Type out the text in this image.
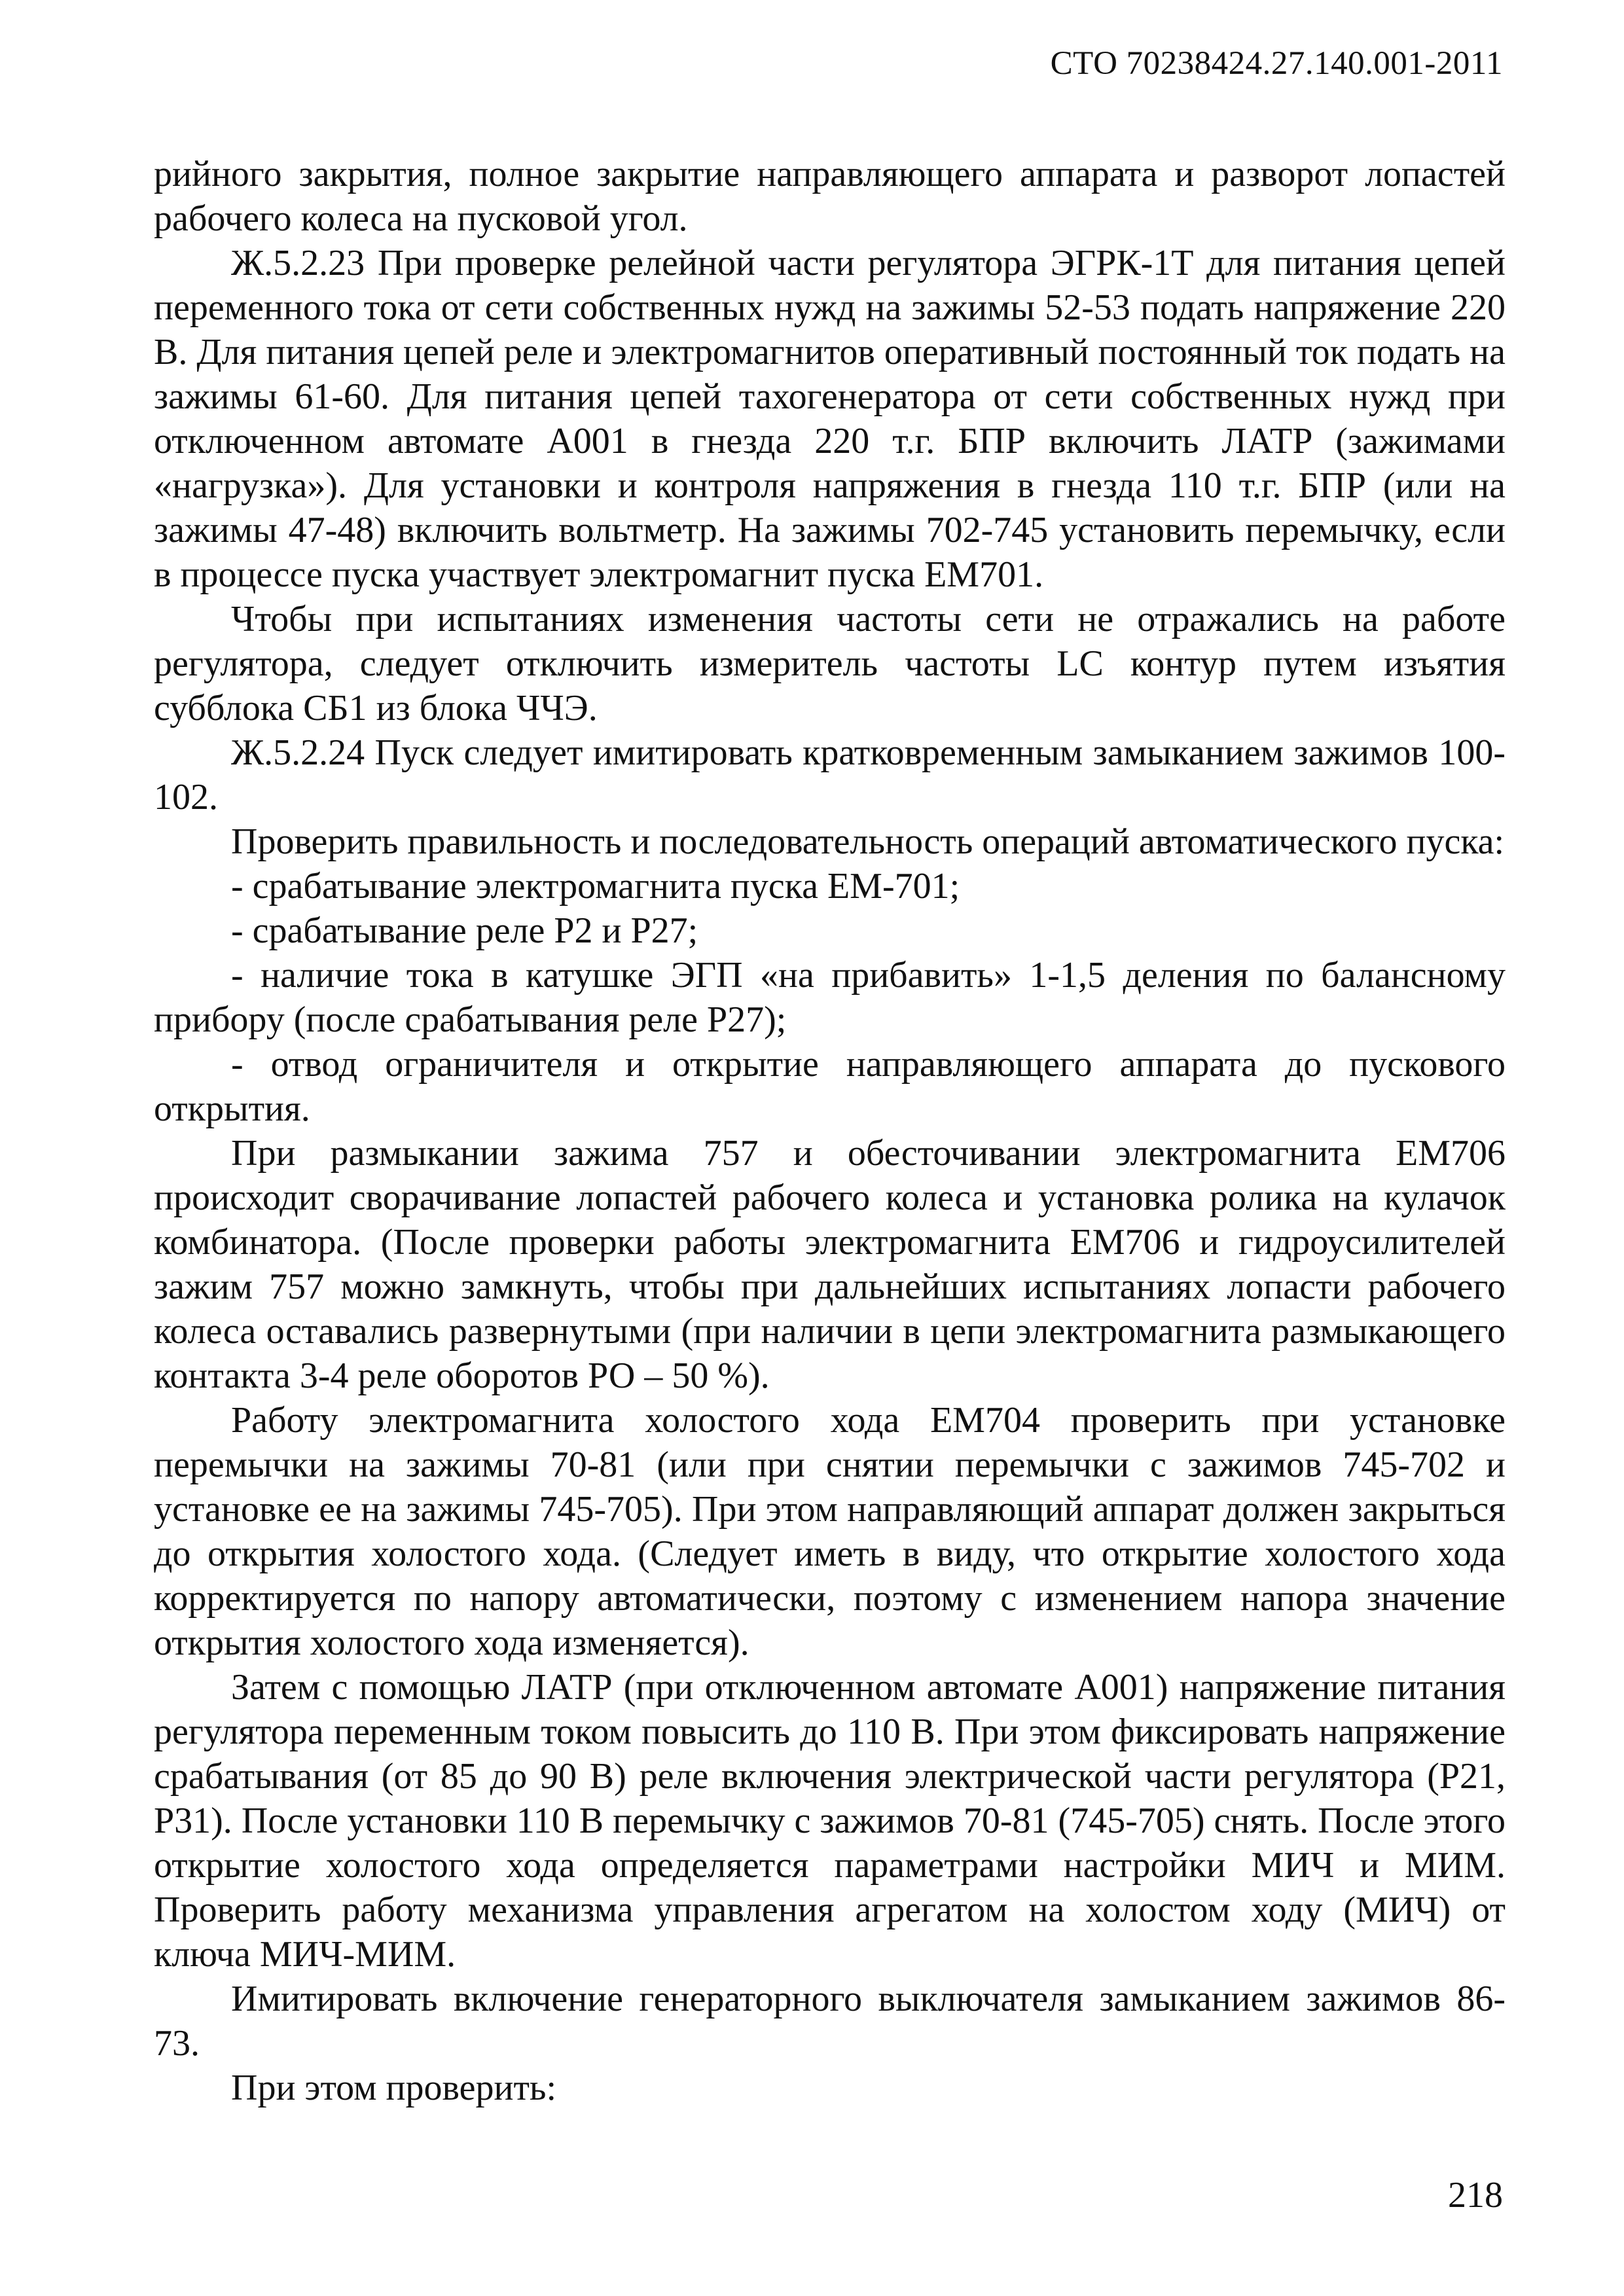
СТО 70238424.27.140.001-2011

рийного закрытия, полное закрытие направляющего аппарата и разворот лопастей рабочего колеса на пусковой угол.

Ж.5.2.23 При проверке релейной части регулятора ЭГРК-1Т для питания цепей переменного тока от сети собственных нужд на зажимы 52-53 подать напряжение 220 В. Для питания цепей реле и электромагнитов оперативный постоянный ток подать на зажимы 61-60. Для питания цепей тахогенератора от сети собственных нужд при отключенном автомате А001 в гнезда 220 т.г. БПР включить ЛАТР (зажимами «нагрузка»). Для установки и контроля напряжения в гнезда 110 т.г. БПР (или на зажимы 47-48) включить вольтметр. На зажимы 702-745 установить перемычку, если в процессе пуска участвует электромагнит пуска ЕМ701.

Чтобы при испытаниях изменения частоты сети не отражались на работе регулятора, следует отключить измеритель частоты LC контур путем изъятия субблока СБ1 из блока ЧЧЭ.

Ж.5.2.24 Пуск следует имитировать кратковременным замыканием зажимов 100-102.

Проверить правильность и последовательность операций автоматического пуска:

- срабатывание электромагнита пуска ЕМ-701;

- срабатывание реле Р2 и Р27;

- наличие тока в катушке ЭГП «на прибавить» 1-1,5 деления по балансному прибору (после срабатывания реле Р27);

- отвод ограничителя и открытие направляющего аппарата до пускового открытия.

При размыкании зажима 757 и обесточивании электромагнита ЕМ706 происходит сворачивание лопастей рабочего колеса и установка ролика на кулачок комбинатора. (После проверки работы электромагнита ЕМ706 и гидроусилителей зажим 757 можно замкнуть, чтобы при дальнейших испытаниях лопасти рабочего колеса оставались развернутыми (при наличии в цепи электромагнита размыкающего контакта 3-4 реле оборотов РО – 50 %).

Работу электромагнита холостого хода ЕМ704 проверить при установке перемычки на зажимы 70-81 (или при снятии перемычки с зажимов 745-702 и установке ее на зажимы 745-705). При этом направляющий аппарат должен закрыться до открытия холостого хода. (Следует иметь в виду, что открытие холостого хода корректируется по напору автоматически, поэтому с изменением напора значение открытия холостого хода изменяется).

Затем с помощью ЛАТР (при отключенном автомате А001) напряжение питания регулятора переменным током повысить до 110 В. При этом фиксировать напряжение срабатывания (от 85 до 90 В) реле включения электрической части регулятора (Р21, Р31). После установки 110 В перемычку с зажимов 70-81 (745-705) снять. После этого открытие холостого хода определяется параметрами настройки МИЧ и МИМ. Проверить работу механизма управления агрегатом на холостом ходу (МИЧ) от ключа МИЧ-МИМ.

Имитировать включение генераторного выключателя замыканием зажимов 86-73.

При этом проверить:

218
